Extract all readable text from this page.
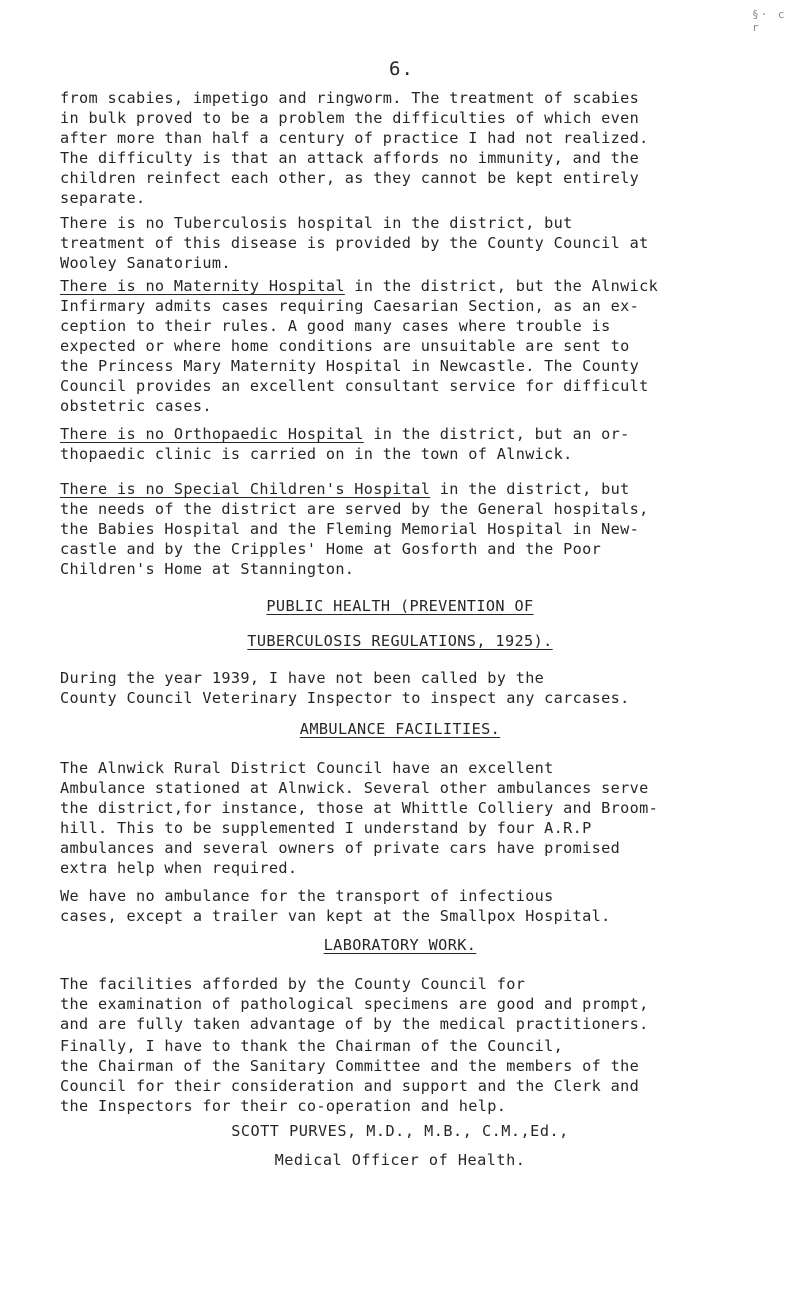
§· c r
6.

from scabies, impetigo and ringworm. The treatment of scabies
in bulk proved to be a problem the difficulties of which even
after more than half a century of practice I had not realized.
The difficulty is that an attack affords no immunity, and the
children reinfect each other, as they cannot be kept entirely
separate.

There is no Tuberculosis hospital in the district, but
treatment of this disease is provided by the County Council at
Wooley Sanatorium.

There is no Maternity Hospital in the district, but the Alnwick
Infirmary admits cases requiring Caesarian Section, as an ex-
ception to their rules. A good many cases where trouble is
expected or where home conditions are unsuitable are sent to
the Princess Mary Maternity Hospital in Newcastle. The County
Council provides an excellent consultant service for difficult
obstetric cases.

There is no Orthopaedic Hospital in the district, but an or-
thopaedic clinic is carried on in the town of Alnwick.

There is no Special Children's Hospital in the district, but
the needs of the district are served by the General hospitals,
the Babies Hospital and the Fleming Memorial Hospital in New-
castle and by the Cripples' Home at Gosforth and the Poor
Children's Home at Stannington.

PUBLIC HEALTH (PREVENTION OF

TUBERCULOSIS REGULATIONS, 1925).

During the year 1939, I have not been called by the
County Council Veterinary Inspector to inspect any carcases.

AMBULANCE FACILITIES.

The Alnwick Rural District Council have an excellent
Ambulance stationed at Alnwick. Several other ambulances serve
the district,for instance, those at Whittle Colliery and Broom-
hill. This to be supplemented I understand by four A.R.P
ambulances and several owners of private cars have promised
extra help when required.

We have no ambulance for the transport of infectious
cases, except a trailer van kept at the Smallpox Hospital.

LABORATORY WORK.

The facilities afforded by the County Council for
the examination of pathological specimens are good and prompt,
and are fully taken advantage of by the medical practitioners.

Finally, I have to thank the Chairman of the Council,
the Chairman of the Sanitary Committee and the members of the
Council for their consideration and support and the Clerk and
the Inspectors for their co-operation and help.

SCOTT PURVES, M.D., M.B., C.M.,Ed.,

Medical Officer of Health.
